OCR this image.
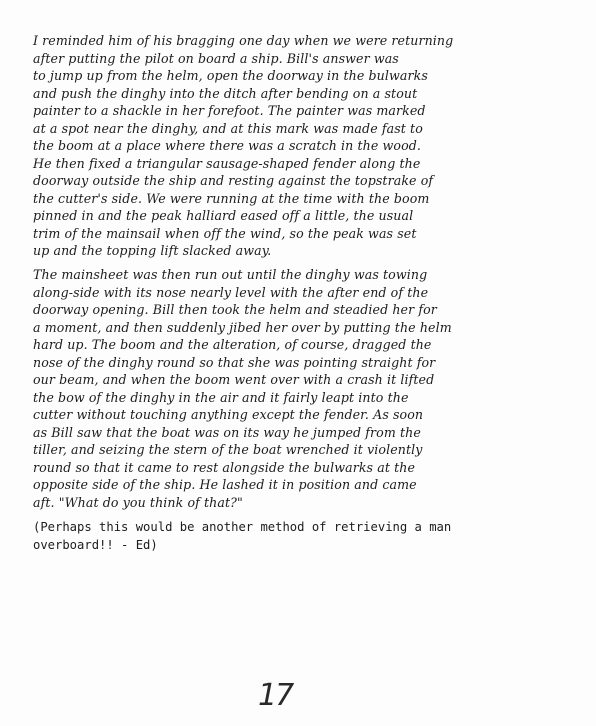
I reminded him of his bragging one day when we were returning
after putting the pilot on board a ship. Bill's answer was
to jump up from the helm, open the doorway in the bulwarks
and push the dinghy into the ditch after bending on a stout
painter to a shackle in her forefoot. The painter was marked
at a spot near the dinghy, and at this mark was made fast to
the boom at a place where there was a scratch in the wood.
He then fixed a triangular sausage-shaped fender along the
doorway outside the ship and resting against the topstrake of
the cutter's side. We were running at the time with the boom
pinned in and the peak halliard eased off a little, the usual
trim of the mainsail when off the wind, so the peak was set
up and the topping lift slacked away.
The mainsheet was then run out until the dinghy was towing
along-side with its nose nearly level with the after end of the
doorway opening. Bill then took the helm and steadied her for
a moment, and then suddenly jibed her over by putting the helm
hard up. The boom and the alteration, of course, dragged the
nose of the dinghy round so that she was pointing straight for
our beam, and when the boom went over with a crash it lifted
the bow of the dinghy in the air and it fairly leapt into the
cutter without touching anything except the fender. As soon
as Bill saw that the boat was on its way he jumped from the
tiller, and seizing the stern of the boat wrenched it violently
round so that it came to rest alongside the bulwarks at the
opposite side of the ship. He lashed it in position and came
aft. "What do you think of that?"
(Perhaps this would be another method of retrieving a man
overboard!! - Ed)
17
